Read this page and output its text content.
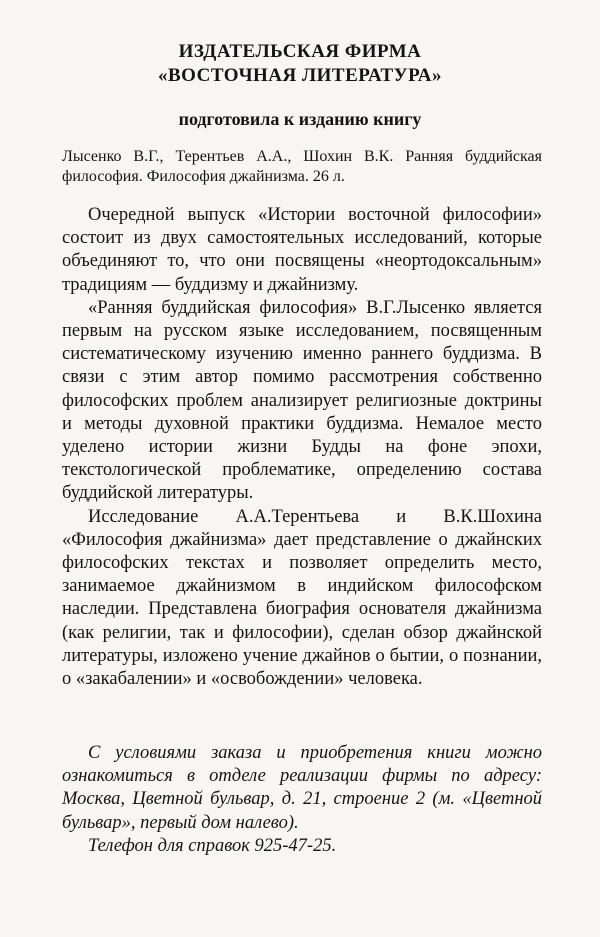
ИЗДАТЕЛЬСКАЯ ФИРМА
«ВОСТОЧНАЯ ЛИТЕРАТУРА»
подготовила к изданию книгу
Лысенко В.Г., Терентьев А.А., Шохин В.К. Ранняя буддийская философия. Философия джайнизма. 26 л.

Очередной выпуск «Истории восточной философии» состоит из двух самостоятельных исследований, которые объединяют то, что они посвящены «неортодоксальным» традициям — буддизму и джайнизму.

«Ранняя буддийская философия» В.Г.Лысенко является первым на русском языке исследованием, посвященным систематическому изучению именно раннего буддизма. В связи с этим автор помимо рассмотрения собственно философских проблем анализирует религиозные доктрины и методы духовной практики буддизма. Немалое место уделено истории жизни Будды на фоне эпохи, текстологической проблематике, определению состава буддийской литературы.

Исследование А.А.Терентьева и В.К.Шохина «Философия джайнизма» дает представление о джайнских философских текстах и позволяет определить место, занимаемое джайнизмом в индийском философском наследии. Представлена биография основателя джайнизма (как религии, так и философии), сделан обзор джайнской литературы, изложено учение джайнов о бытии, о познании, о «закабалении» и «освобождении» человека.

С условиями заказа и приобретения книги можно ознакомиться в отделе реализации фирмы по адресу: Москва, Цветной бульвар, д. 21, строение 2 (м. «Цветной бульвар», первый дом налево).

Телефон для справок 925-47-25.
